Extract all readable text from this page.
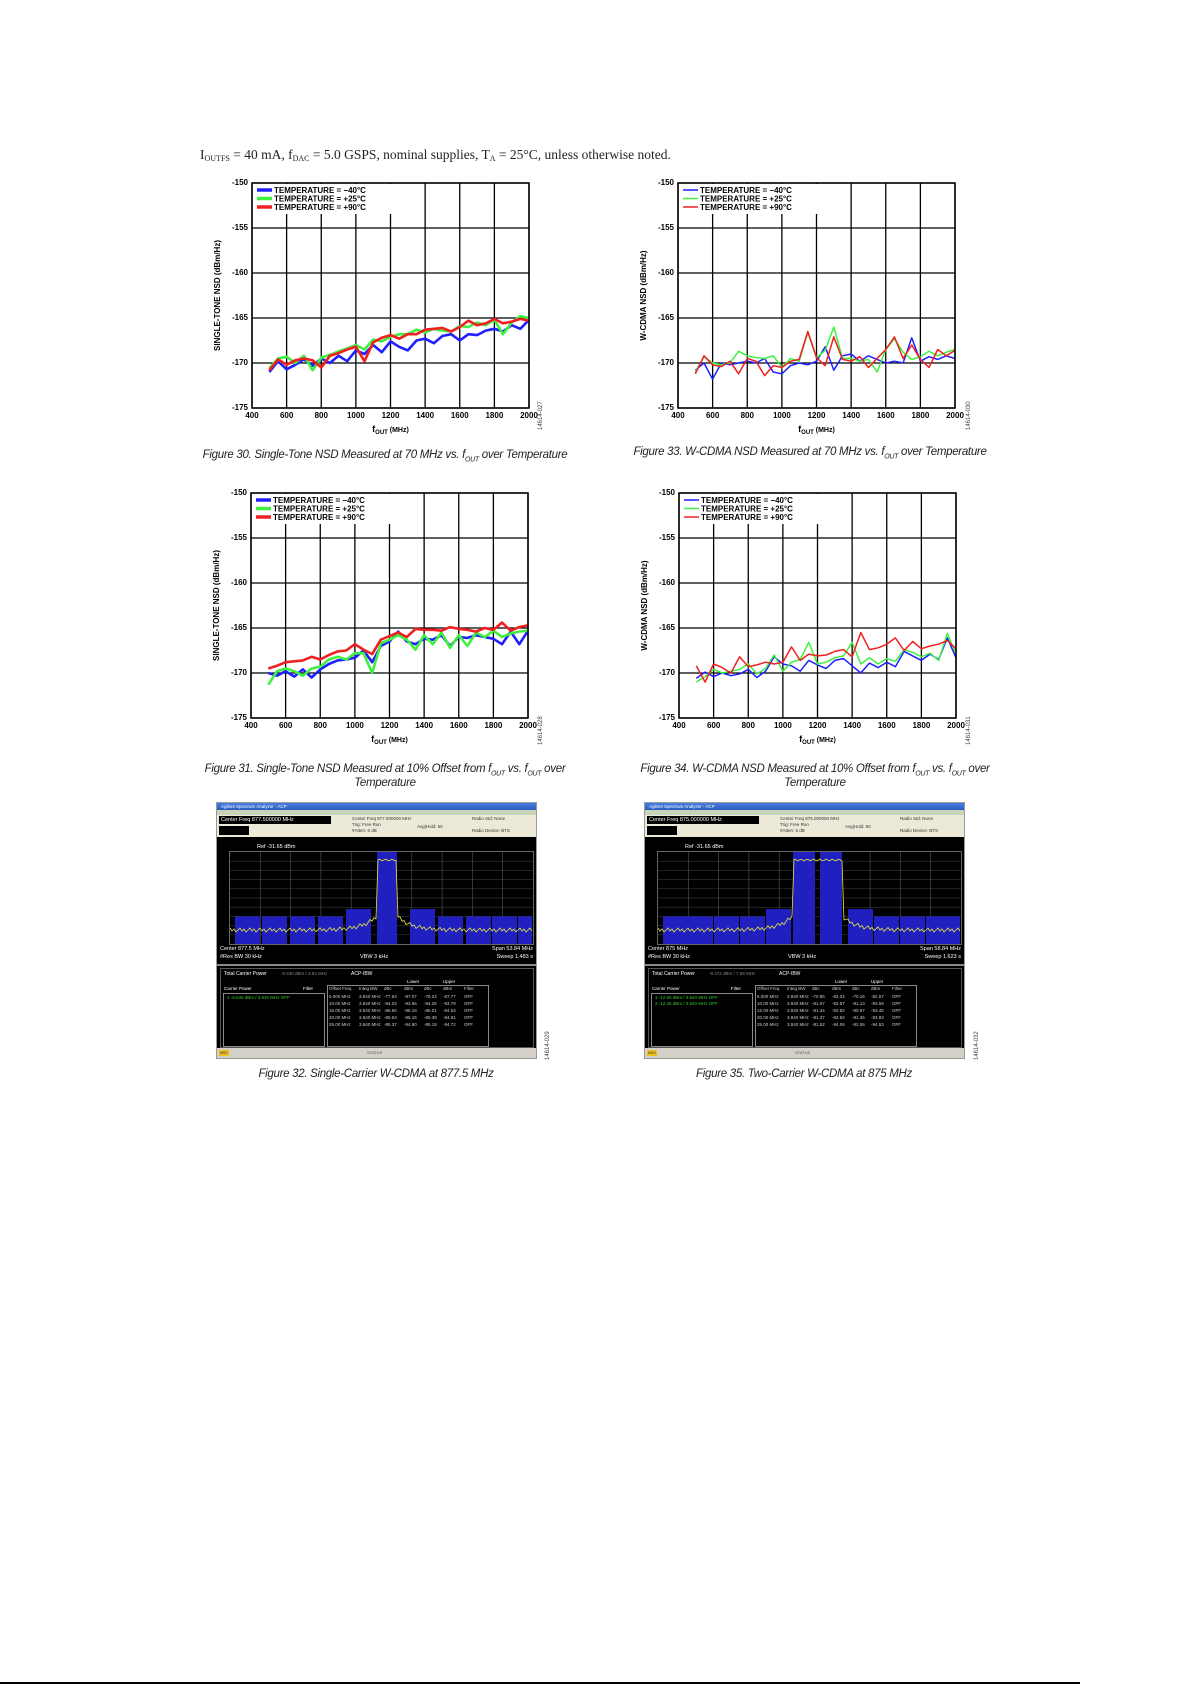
$I_{OUTFS} = 40$ mA, $f_{DAC} = 5.0$ GSPS, nominal supplies, $T_A = 25^\circ C$, unless otherwise noted.
400	600	800 1000 1200 1400 1600 1800 2000
-150
-155
-160
-165
-170
-175
TEMPERATURE = −40°C
TEMPERATURE = +25°C
TEMPERATURE = +90°C
SINGLE-TONE NSD (dBm/Hz)
$f_{OUT}$ $^{(MHz)}$
400	600	800 1000 1200 1400 1600 1800 2000
-150
-155
-160
-165
-170
-175
TEMPERATURE = −40°C
TEMPERATURE = +25°C
TEMPERATURE = +90°C
W-CDMA NSD (dBm/Hz)
$f_{OUT}$ $^{(MHz)}$
400	600	800 1000 1200 1400 1600 1800 2000
-150
-155
-160
-165
-170
-175
TEMPERATURE = −40°C
TEMPERATURE = +25°C
TEMPERATURE = +90°C
SINGLE-TONE NSD (dBm/Hz)
$f_{OUT}$ $^{(MHz)}$
400	600	800 1000 1200 1400 1600 1800 2000
-150
-155
-160
-165
-170
-175
TEMPERATURE = −40°C
TEMPERATURE = +25°C
TEMPERATURE = +90°C
W-CDMA NSD (dBm/Hz)
$f_{OUT}$ $^{(MHz)}$
Figure 30. Single-Tone NSD Measured at 70 MHz vs. $f_{OUT}$ over Temperature	Figure 33. W-CDMA NSD Measured at 70 MHz vs. $f_{OUT}$ over Temperature
Figure 31. Single-Tone NSD Measured at 10% Offset from $f_{OUT}$ vs. $f_{OUT}$ over
Temperature
Figure 34. W-CDMA NSD Measured at 10% Offset from $f_{OUT}$ vs. $f_{OUT}$ over
Temperature
14614-027	14614-030
14614-028	14614-031
Agilent Spectrum Analyzer - ACP
Center Freq 877.500000 MHz	Center Freq 877.500000 MHz
Trig: Free Run
#Atten: 6 dB
Avg|Hold: 50
Radio Std: None
Radio Device: BTS
Ref -31.65 dBm
Center 877.5 MHz	Span 53.84 MHz
#Res BW 30 kHz	VBW 3 kHz	Sweep 1.483 s
Total Carrier Power	-9.530 dBm / 3.84 MHz	ACP-IBW
Carrier Power	Filter
Lower	Upper
1 -9.530 dBm / 3.840 MHz OFF
Offset Freq Integ BW dBc	dBm dBc dBm	Filter
5.000 MHz 3.840 MHz -77.54 -87.07 -78.24 -87.77 OFF
10.00 MHz 3.840 MHz -84.03 -93.56 -84.26 -93.79 OFF
15.00 MHz 3.840 MHz -85.65 -95.18 -85.01 -94.54 OFF
20.00 MHz 3.840 MHz -85.63 -95.16 -85.38 -94.91 OFF
25.00 MHz 3.840 MHz -85.37 -94.90 -85.19 -94.72 OFF
MSG	STATUS
Agilent Spectrum Analyzer - ACP
Center Freq 875.000000 MHz	Center Freq 875.000000 MHz
Trig: Free Run
#Atten: 6 dB
Avg|Hold: 50
Radio Std: None
Radio Device: BTS
Ref -31.65 dBm
Center 875 MHz	Span 58.84 MHz
#Res BW 30 kHz	VBW 3 kHz	Sweep 1.623 s
Total Carrier Power	-9.472 dBm / 7.68 MHz	ACP-IBW
Carrier Power	Filter
Lower	Upper
1 -12.50 dBm / 3.840 MHz OFF
2 -12.45 dBm / 3.840 MHz OFF
Offset Freq Integ BW dBc	dBm dBc dBm	Filter
5.000 MHz 3.840 MHz -70.85 -83.34 -70.16 -82.57 OFF
10.00 MHz 3.840 MHz -81.07 -93.57 -81.13 -93.59 OFF
15.00 MHz 3.840 MHz -81.34 -93.82 -80.97 -93.45 OFF
20.00 MHz 3.840 MHz -81.37 -93.82 -81.36 -93.83 OFF
25.00 MHz 3.840 MHz -81.52 -94.06 -82.06 -94.53 OFF
MSG	STATUS
Figure 32. Single-Carrier W-CDMA at 877.5 MHz	Figure 35. Two-Carrier W-CDMA at 875 MHz
14614-029	14614-032
